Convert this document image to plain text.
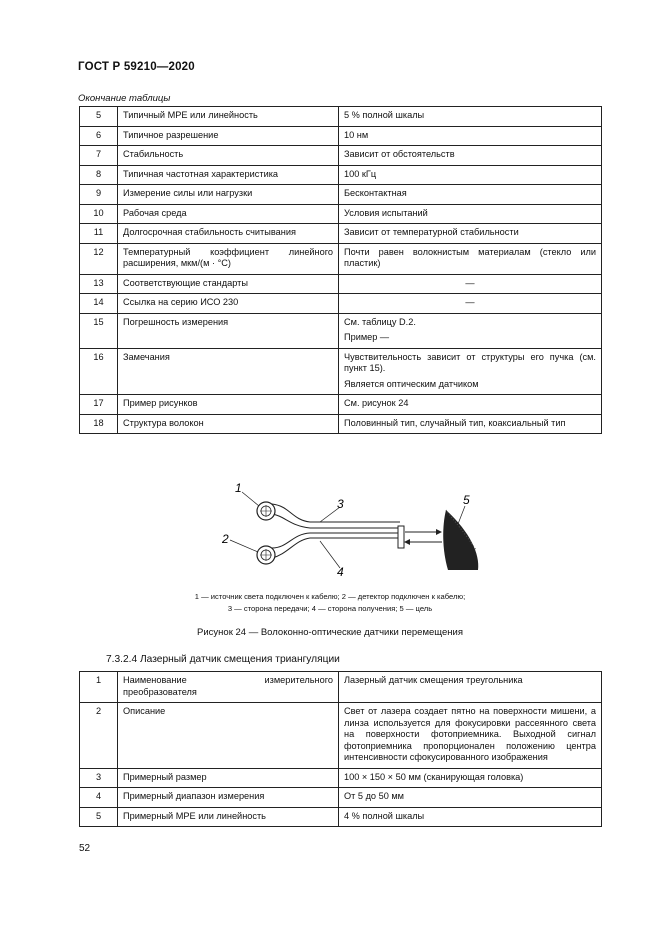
ГОСТ Р 59210—2020
Окончание таблицы
5	Типичный MPE или линейность	5 % полной шкалы

6	Типичное разрешение	10 нм

7	Стабильность	Зависит от обстоятельств

8	Типичная частотная характеристика	100 кГц

9	Измерение силы или нагрузки	Бесконтактная

10	Рабочая среда	Условия испытаний

11	Долгосрочная стабильность считывания	Зависит от температурной стабильности

12	Температурный коэффициент линейного расширения, мкм/(м · °C)	Почти равен волокнистым материалам (стекло или пластик)

13	Соответствующие стандарты	—

14	Ссылка на серию ИСО 230	—

15	Погрешность измерения	См. таблицу D.2.
Пример —

16	Замечания	Чувствительность зависит от структуры его пучка (см. пункт 15).
Является оптическим датчиком

17	Пример рисунков	См. рисунок 24

18	Структура волокон	Половинный тип, случайный тип, коаксиальный тип
1
2
3
4
5
1 — источник света подключен к кабелю; 2 — детектор подключен к кабелю;
3 — сторона передачи; 4 — сторона получения; 5 — цель
Рисунок 24 — Волоконно-оптические датчики перемещения
7.3.2.4 Лазерный датчик смещения триангуляции
1	Наименование измерительного преобразователя	Лазерный датчик смещения треугольника

2	Описание	Свет от лазера создает пятно на поверхности мишени, а линза используется для фокусировки рассеянного света на поверхности фотоприемника. Выходной сигнал фотоприемника пропорционален положению центра интенсивности сфокусированного изображения

3	Примерный размер	100 × 150 × 50 мм (сканирующая головка)

4	Примерный диапазон измерения	От 5 до 50 мм

5	Примерный MPE или линейность	4 % полной шкалы
52
